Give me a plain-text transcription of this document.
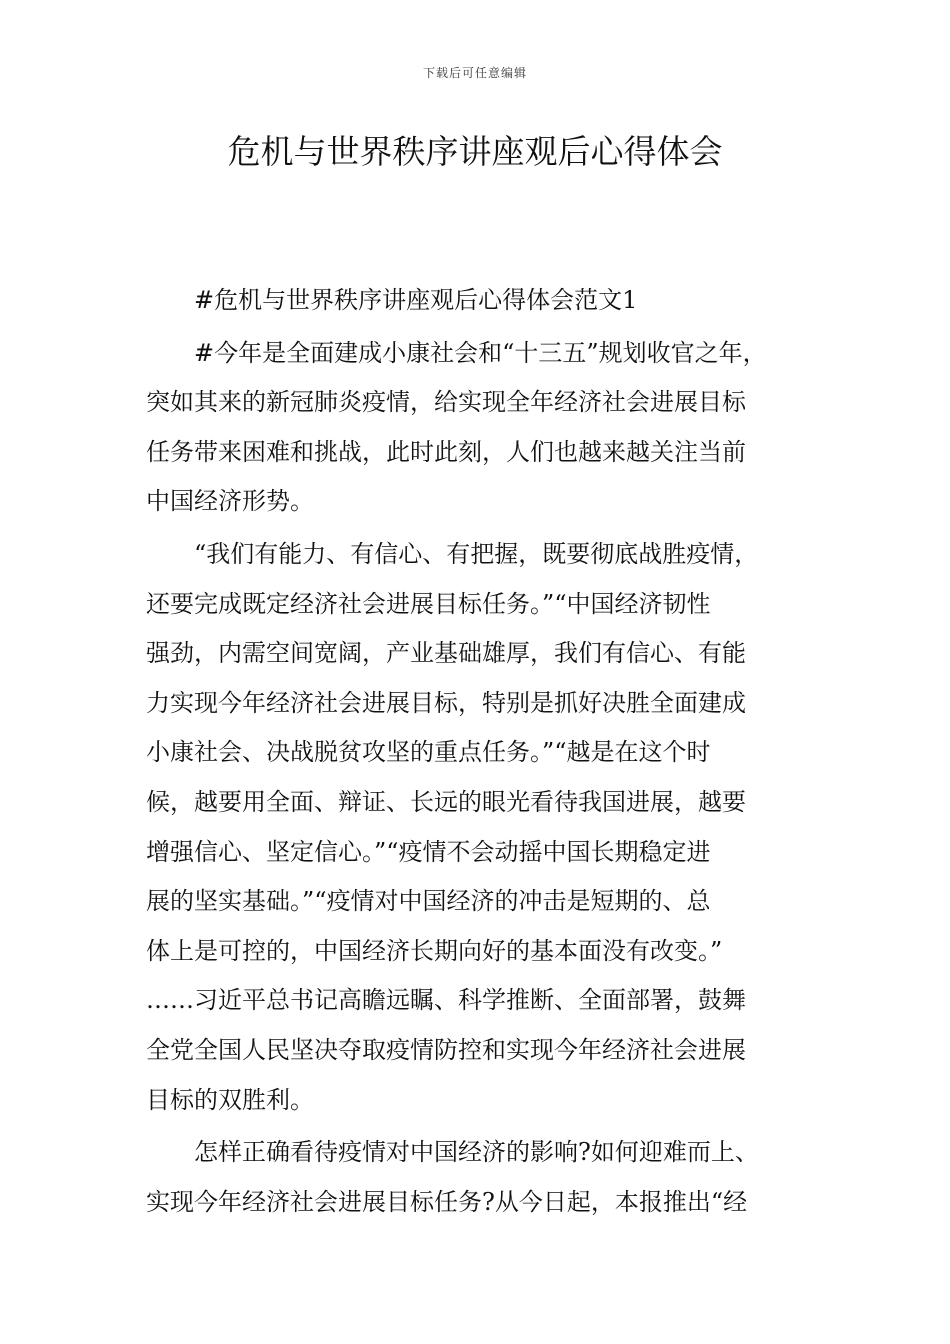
下载后可任意编辑
危机与世界秩序讲座观后心得体会

#危机与世界秩序讲座观后心得体会范文1

#今年是全面建成小康社会和“十三五”规划收官之年，
突如其来的新冠肺炎疫情，给实现全年经济社会进展目标
任务带来困难和挑战，此时此刻，人们也越来越关注当前
中国经济形势。

“我们有能力、有信心、有把握，既要彻底战胜疫情，
还要完成既定经济社会进展目标任务。”“中国经济韧性
强劲，内需空间宽阔，产业基础雄厚，我们有信心、有能
力实现今年经济社会进展目标，特别是抓好决胜全面建成
小康社会、决战脱贫攻坚的重点任务。”“越是在这个时
候，越要用全面、辩证、长远的眼光看待我国进展，越要
增强信心、坚定信心。”“疫情不会动摇中国长期稳定进
展的坚实基础。”“疫情对中国经济的冲击是短期的、总
体上是可控的，中国经济长期向好的基本面没有改变。”
……习近平总书记高瞻远瞩、科学推断、全面部署，鼓舞
全党全国人民坚决夺取疫情防控和实现今年经济社会进展
目标的双胜利。

怎样正确看待疫情对中国经济的影响?如何迎难而上、
实现今年经济社会进展目标任务?从今日起，本报推出“经
